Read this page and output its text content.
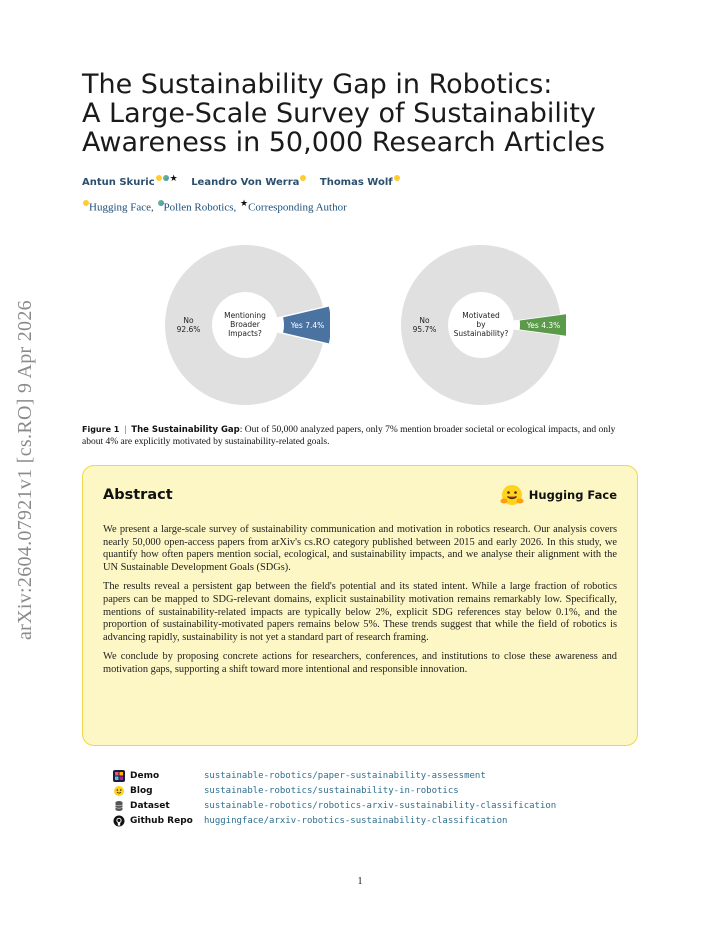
arXiv:2604.07921v1 [cs.RO] 9 Apr 2026
The Sustainability Gap in Robotics:
A Large-Scale Survey of Sustainability
Awareness in 50,000 Research Articles
Antun Skuric ★ Leandro Von Werra Thomas Wolf
Hugging Face, Pollen Robotics, ★Corresponding Author
Yes 7.4%
No 92.6%
Mentioning Broader Impacts?
Yes 4.3%
No 95.7%
Motivated by Sustainability?
Figure 1 | The Sustainability Gap: Out of 50,000 analyzed papers, only 7% mention broader societal or ecological impacts, and only about 4% are explicitly motivated by sustainability-related goals.
Abstract	Hugging Face

We present a large-scale survey of sustainability communication and motivation in robotics research. Our analysis covers nearly 50,000 open-access papers from arXiv's cs.RO category published between 2015 and early 2026. In this study, we quantify how often papers mention social, ecological, and sustainability impacts, and we analyse their alignment with the UN Sustainable Development Goals (SDGs).

The results reveal a persistent gap between the field's potential and its stated intent. While a large fraction of robotics papers can be mapped to SDG-relevant domains, explicit sustainability motivation remains remarkably low. Specifically, mentions of sustainability-related impacts are typically below 2%, explicit SDG references stay below 0.1%, and the proportion of sustainability-motivated papers remains below 5%. These trends suggest that while the field of robotics is advancing rapidly, sustainability is not yet a standard part of research framing.

We conclude by proposing concrete actions for researchers, conferences, and institutions to close these awareness and motivation gaps, supporting a shift toward more intentional and responsible innovation.

Demo	sustainable-robotics/paper-sustainability-assessment
Blog	sustainable-robotics/sustainability-in-robotics
Dataset	sustainable-robotics/robotics-arxiv-sustainability-classification
Github Repo	huggingface/arxiv-robotics-sustainability-classification
1
